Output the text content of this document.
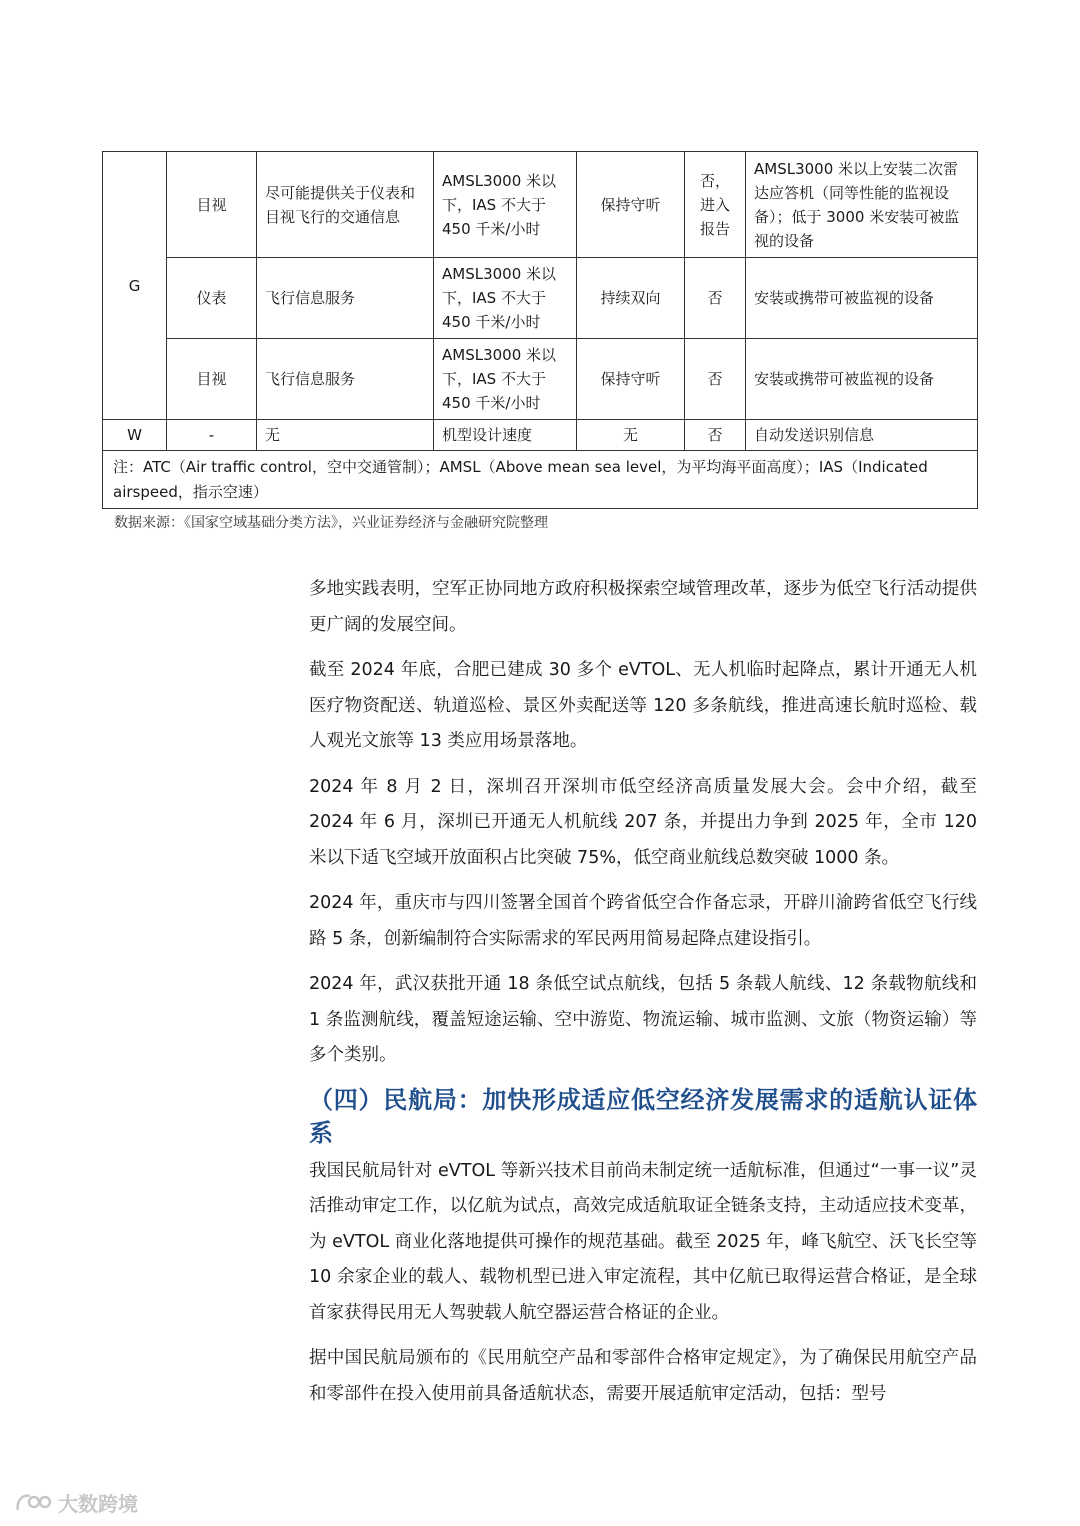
G	目视	尽可能提供关于仪表和目视飞行的交通信息	AMSL3000 米以下，IAS 不大于 450 千米/小时	保持守听	否，进入报告	AMSL3000 米以上安装二次雷达应答机（同等性能的监视设备）；低于 3000 米安装可被监视的设备
	仪表	飞行信息服务	AMSL3000 米以下，IAS 不大于 450 千米/小时	持续双向	否	安装或携带可被监视的设备
	目视	飞行信息服务	AMSL3000 米以下，IAS 不大于 450 千米/小时	保持守听	否	安装或携带可被监视的设备
W	-	无	机型设计速度	无	否	自动发送识别信息
注：ATC（Air traffic control，空中交通管制）；AMSL（Above mean sea level，为平均海平面高度）；IAS（Indicated airspeed，指示空速）						
数据来源：《国家空域基础分类方法》，兴业证券经济与金融研究院整理

多地实践表明，空军正协同地方政府积极探索空域管理改革，逐步为低空飞行活动提供更广阔的发展空间。

截至 2024 年底，合肥已建成 30 多个 eVTOL、无人机临时起降点，累计开通无人机医疗物资配送、轨道巡检、景区外卖配送等 120 多条航线，推进高速长航时巡检、载人观光文旅等 13 类应用场景落地。

2024 年 8 月 2 日，深圳召开深圳市低空经济高质量发展大会。会中介绍，截至 2024 年 6 月，深圳已开通无人机航线 207 条，并提出力争到 2025 年，全市 120 米以下适飞空域开放面积占比突破 75%，低空商业航线总数突破 1000 条。

2024 年，重庆市与四川签署全国首个跨省低空合作备忘录，开辟川渝跨省低空飞行线路 5 条，创新编制符合实际需求的军民两用简易起降点建设指引。

2024 年，武汉获批开通 18 条低空试点航线，包括 5 条载人航线、12 条载物航线和 1 条监测航线，覆盖短途运输、空中游览、物流运输、城市监测、文旅（物资运输）等多个类别。

（四）民航局：加快形成适应低空经济发展需求的适航认证体系

我国民航局针对 eVTOL 等新兴技术目前尚未制定统一适航标准，但通过“一事一议”灵活推动审定工作，以亿航为试点，高效完成适航取证全链条支持，主动适应技术变革，为 eVTOL 商业化落地提供可操作的规范基础。截至 2025 年，峰飞航空、沃飞长空等 10 余家企业的载人、载物机型已进入审定流程，其中亿航已取得运营合格证，是全球首家获得民用无人驾驶载人航空器运营合格证的企业。

据中国民航局颁布的《民用航空产品和零部件合格审定规定》，为了确保民用航空产品和零部件在投入使用前具备适航状态，需要开展适航审定活动，包括：型号

大数跨境
